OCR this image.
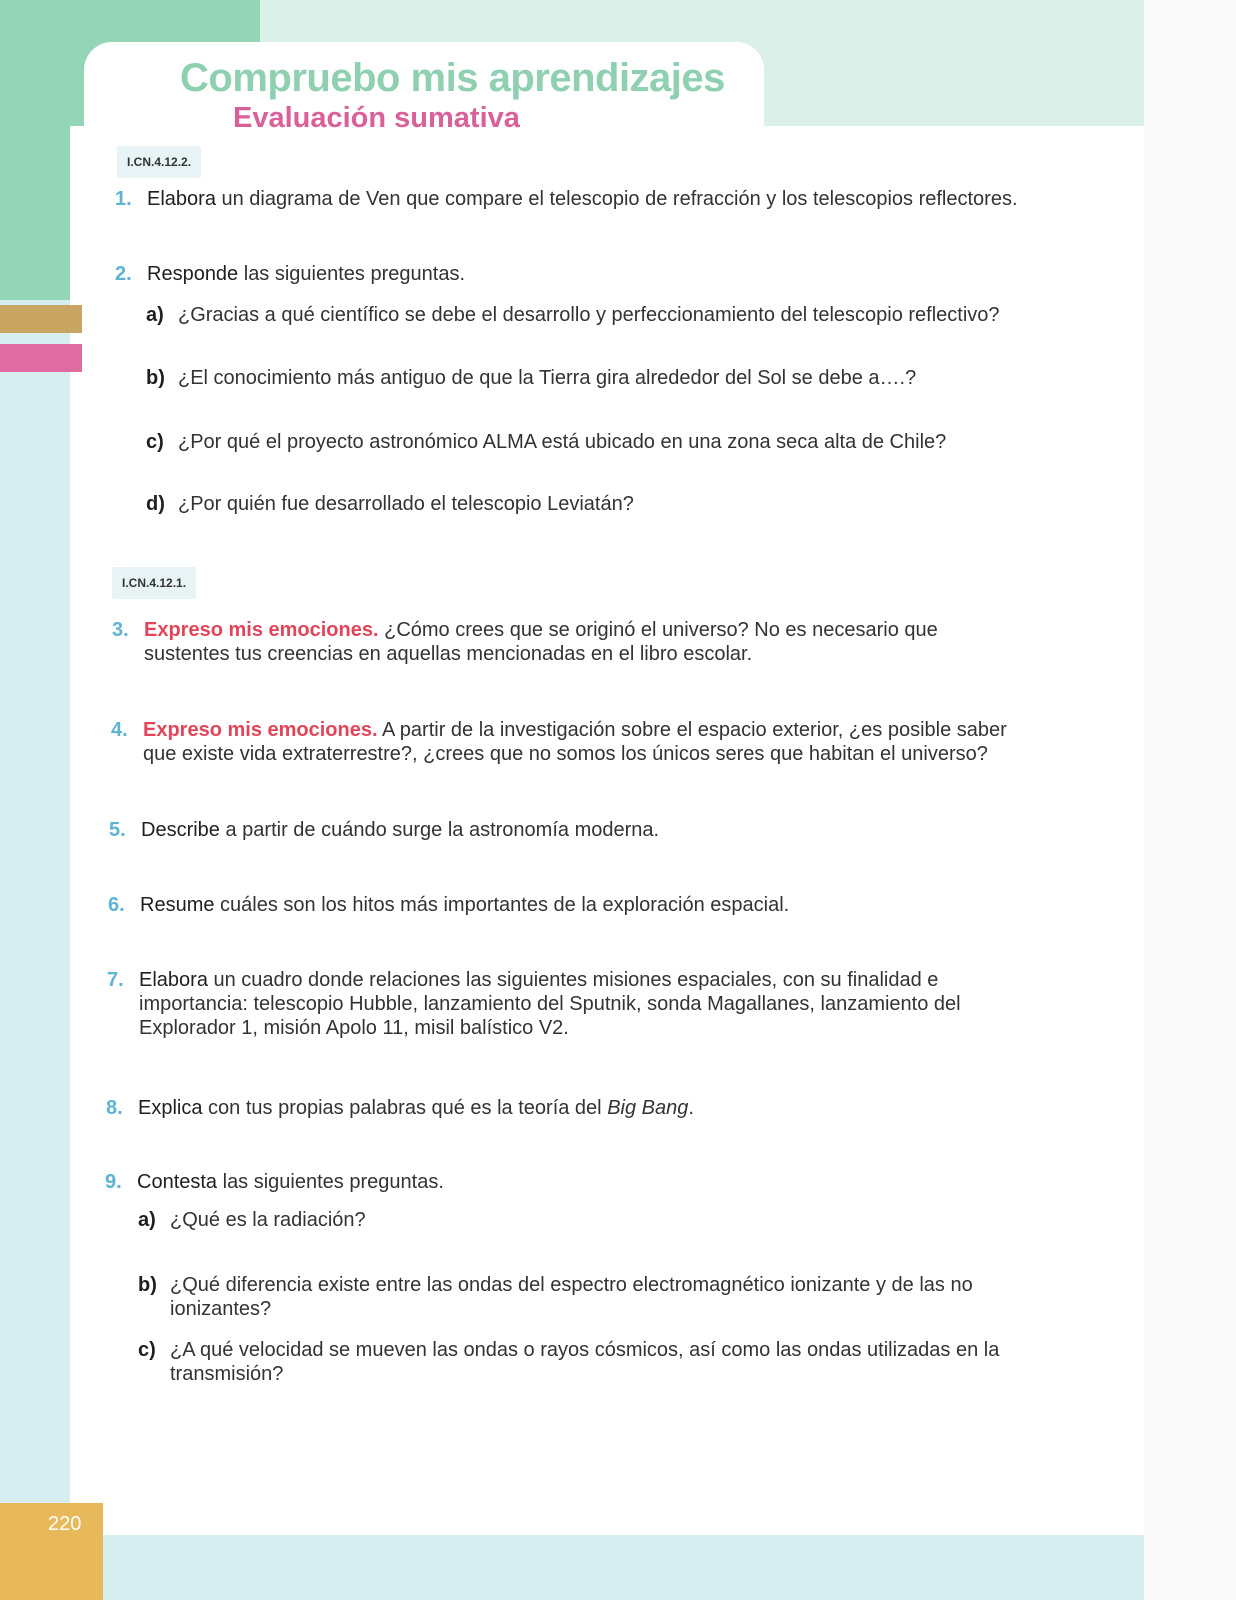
Compruebo mis aprendizajes
Evaluación sumativa
I.CN.4.12.2.
I.CN.4.12.1.
1. Elabora un diagrama de Ven que compare el telescopio de refracción y los telescopios reflectores.
2. Responde las siguientes preguntas.
a) ¿Gracias a qué científico se debe el desarrollo y perfeccionamiento del telescopio reflectivo?
b) ¿El conocimiento más antiguo de que la Tierra gira alrededor del Sol se debe a….?
c) ¿Por qué el proyecto astronómico ALMA está ubicado en una zona seca alta de Chile?
d) ¿Por quién fue desarrollado el telescopio Leviatán?
3. Expreso mis emociones. ¿Cómo crees que se originó el universo? No es necesario que sustentes tus creencias en aquellas mencionadas en el libro escolar.
4. Expreso mis emociones. A partir de la investigación sobre el espacio exterior, ¿es posible saber que existe vida extraterrestre?, ¿crees que no somos los únicos seres que habitan el universo?
5. Describe a partir de cuándo surge la astronomía moderna.
6. Resume cuáles son los hitos más importantes de la exploración espacial.
7. Elabora un cuadro donde relaciones las siguientes misiones espaciales, con su finalidad e importancia: telescopio Hubble, lanzamiento del Sputnik, sonda Magallanes, lanzamiento del Explorador 1, misión Apolo 11, misil balístico V2.
8. Explica con tus propias palabras qué es la teoría del Big Bang.
9. Contesta las siguientes preguntas.
a) ¿Qué es la radiación?
b) ¿Qué diferencia existe entre las ondas del espectro electromagnético ionizante y de las no ionizantes?
c) ¿A qué velocidad se mueven las ondas o rayos cósmicos, así como las ondas utilizadas en la transmisión?
220
